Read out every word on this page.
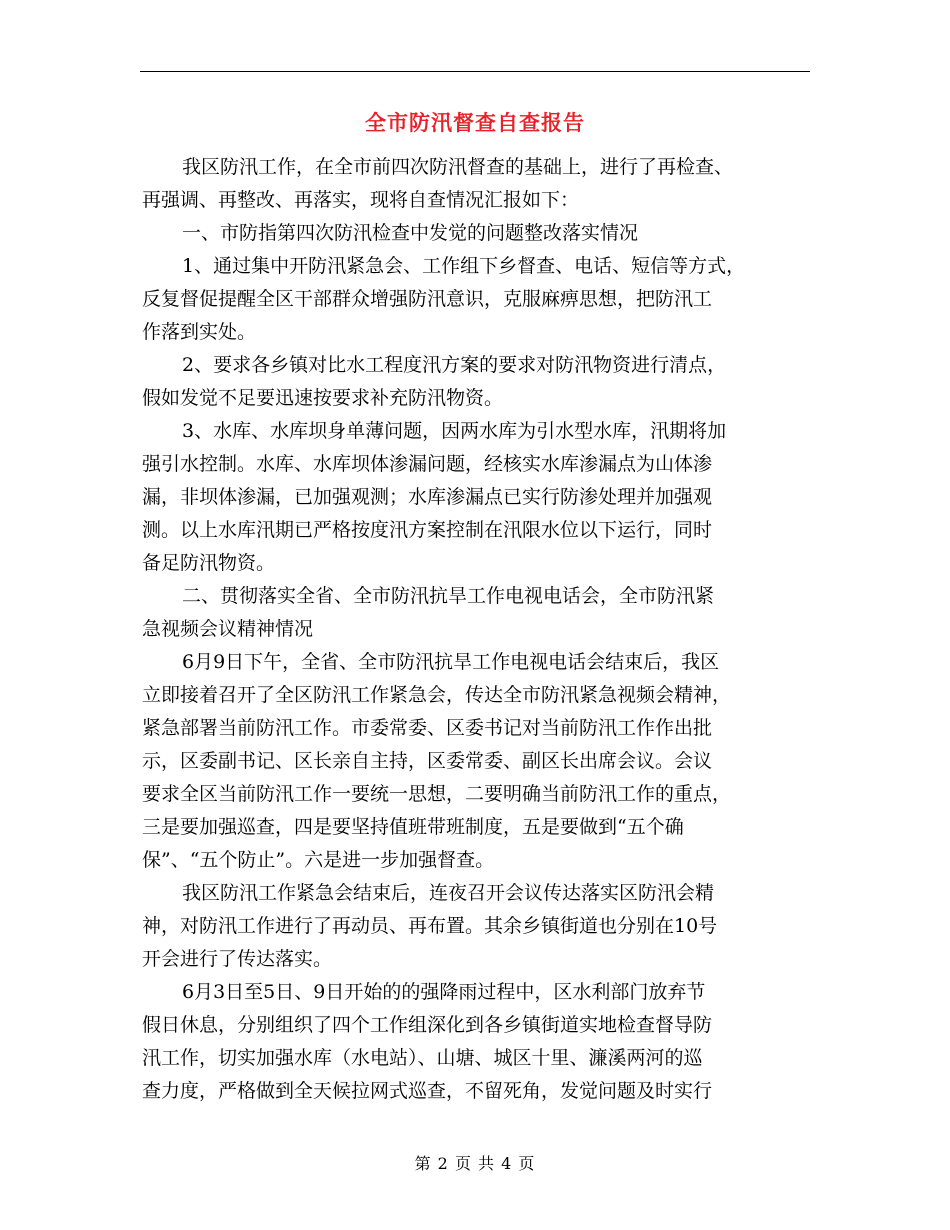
全市防汛督查自查报告

我区防汛工作，在全市前四次防汛督查的基础上，进行了再检查、
再强调、再整改、再落实，现将自查情况汇报如下：

一、市防指第四次防汛检查中发觉的问题整改落实情况

1、通过集中开防汛紧急会、工作组下乡督查、电话、短信等方式，
反复督促提醒全区干部群众增强防汛意识，克服麻痹思想，把防汛工
作落到实处。

2、要求各乡镇对比水工程度汛方案的要求对防汛物资进行清点，
假如发觉不足要迅速按要求补充防汛物资。

3、水库、水库坝身单薄问题，因两水库为引水型水库，汛期将加
强引水控制。水库、水库坝体渗漏问题，经核实水库渗漏点为山体渗
漏，非坝体渗漏，已加强观测；水库渗漏点已实行防渗处理并加强观
测。以上水库汛期已严格按度汛方案控制在汛限水位以下运行，同时
备足防汛物资。

二、贯彻落实全省、全市防汛抗旱工作电视电话会，全市防汛紧
急视频会议精神情况

6月9日下午，全省、全市防汛抗旱工作电视电话会结束后，我区
立即接着召开了全区防汛工作紧急会，传达全市防汛紧急视频会精神，
紧急部署当前防汛工作。市委常委、区委书记对当前防汛工作作出批
示，区委副书记、区长亲自主持，区委常委、副区长出席会议。会议
要求全区当前防汛工作一要统一思想，二要明确当前防汛工作的重点，
三是要加强巡查，四是要坚持值班带班制度，五是要做到“五个确
保”、“五个防止”。六是进一步加强督查。

我区防汛工作紧急会结束后，连夜召开会议传达落实区防汛会精
神，对防汛工作进行了再动员、再布置。其余乡镇街道也分别在10号
开会进行了传达落实。

6月3日至5日、9日开始的的强降雨过程中，区水利部门放弃节
假日休息，分别组织了四个工作组深化到各乡镇街道实地检查督导防
汛工作，切实加强水库（水电站）、山塘、城区十里、濂溪两河的巡
查力度，严格做到全天候拉网式巡查，不留死角，发觉问题及时实行

第 2 页 共 4 页
